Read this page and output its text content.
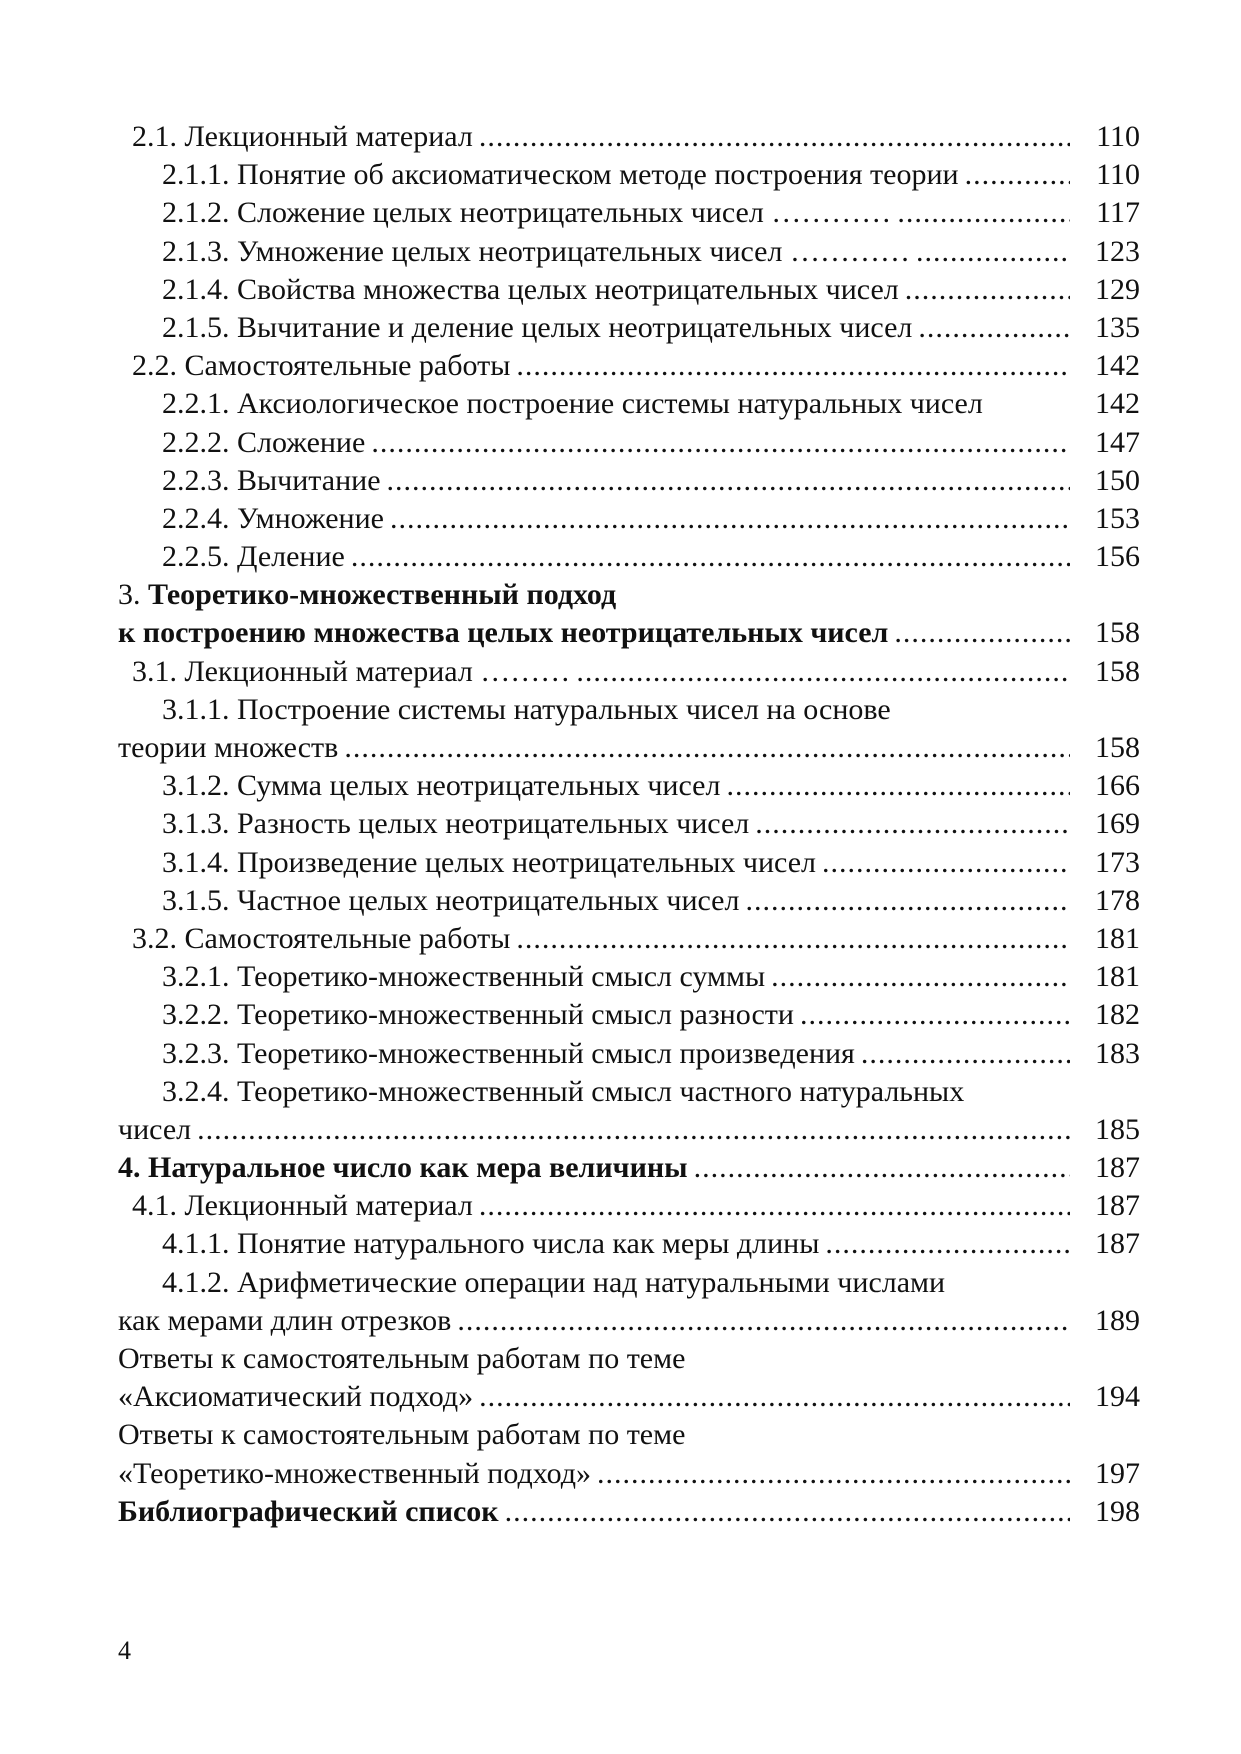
2.1. Лекционный материал .....	110
2.1.1. Понятие об аксиоматическом методе построения теории .....	110
2.1.2. Сложение целых неотрицательных чисел ………… .....	117
2.1.3. Умножение целых неотрицательных чисел ………… .....	123
2.1.4. Свойства множества целых неотрицательных чисел .....	129
2.1.5. Вычитание и деление целых неотрицательных чисел .....	135
2.2. Самостоятельные работы .....	142
2.2.1. Аксиологическое построение системы натуральных чисел	142
2.2.2. Сложение .....	147
2.2.3. Вычитание .....	150
2.2.4. Умножение .....	153
2.2.5. Деление .....	156
3. Теоретико-множественный подход
к построению множества целых неотрицательных чисел .....	158
3.1. Лекционный материал ……… .....	158
3.1.1. Построение системы натуральных чисел на основе
теории множеств .....	158
3.1.2. Сумма целых неотрицательных чисел .....	166
3.1.3. Разность целых неотрицательных чисел .....	169
3.1.4. Произведение целых неотрицательных чисел .....	173
3.1.5. Частное целых неотрицательных чисел .....	178
3.2. Самостоятельные работы .....	181
3.2.1. Теоретико-множественный смысл суммы .....	181
3.2.2. Теоретико-множественный смысл разности .....	182
3.2.3. Теоретико-множественный смысл произведения .....	183
3.2.4. Теоретико-множественный смысл частного натуральных
чисел .....	185
4. Натуральное число как мера величины .....	187
4.1. Лекционный материал .....	187
4.1.1. Понятие натурального числа как меры длины .....	187
4.1.2. Арифметические операции над натуральными числами
как мерами длин отрезков .....	189
Ответы к самостоятельным работам по теме
«Аксиоматический подход» .....	194
Ответы к самостоятельным работам по теме
«Теоретико-множественный подход» .....	197
Библиографический список .....	198
4
